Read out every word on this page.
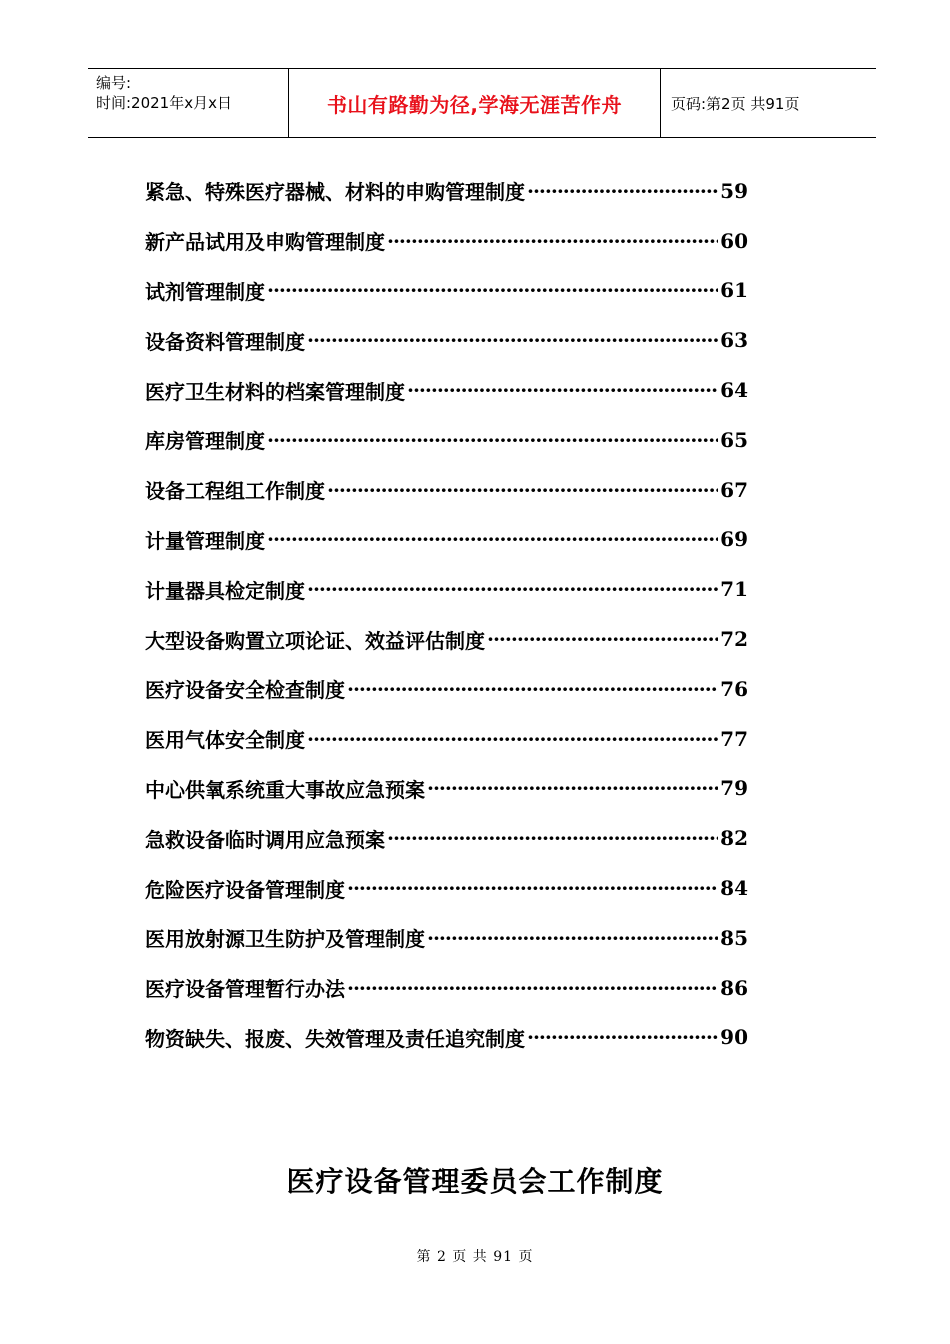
编号:
时间:2021年x月x日	书山有路勤为径,学海无涯苦作舟	页码:第2页 共91页
紧急、特殊医疗器械、材料的申购管理制度 ·····	59
新产品试用及申购管理制度 ·····	60
试剂管理制度 ·····	61
设备资料管理制度 ·····	63
医疗卫生材料的档案管理制度 ·····	64
库房管理制度 ·····	65
设备工程组工作制度 ·····	67
计量管理制度 ·····	69
计量器具检定制度 ·····	71
大型设备购置立项论证、效益评估制度 ·····	72
医疗设备安全检查制度 ·····	76
医用气体安全制度 ·····	77
中心供氧系统重大事故应急预案 ·····	79
急救设备临时调用应急预案 ·····	82
危险医疗设备管理制度 ·····	84
医用放射源卫生防护及管理制度 ·····	85
医疗设备管理暂行办法 ·····	86
物资缺失、报废、失效管理及责任追究制度 ·····	90
医疗设备管理委员会工作制度
第 2 页 共 91 页
